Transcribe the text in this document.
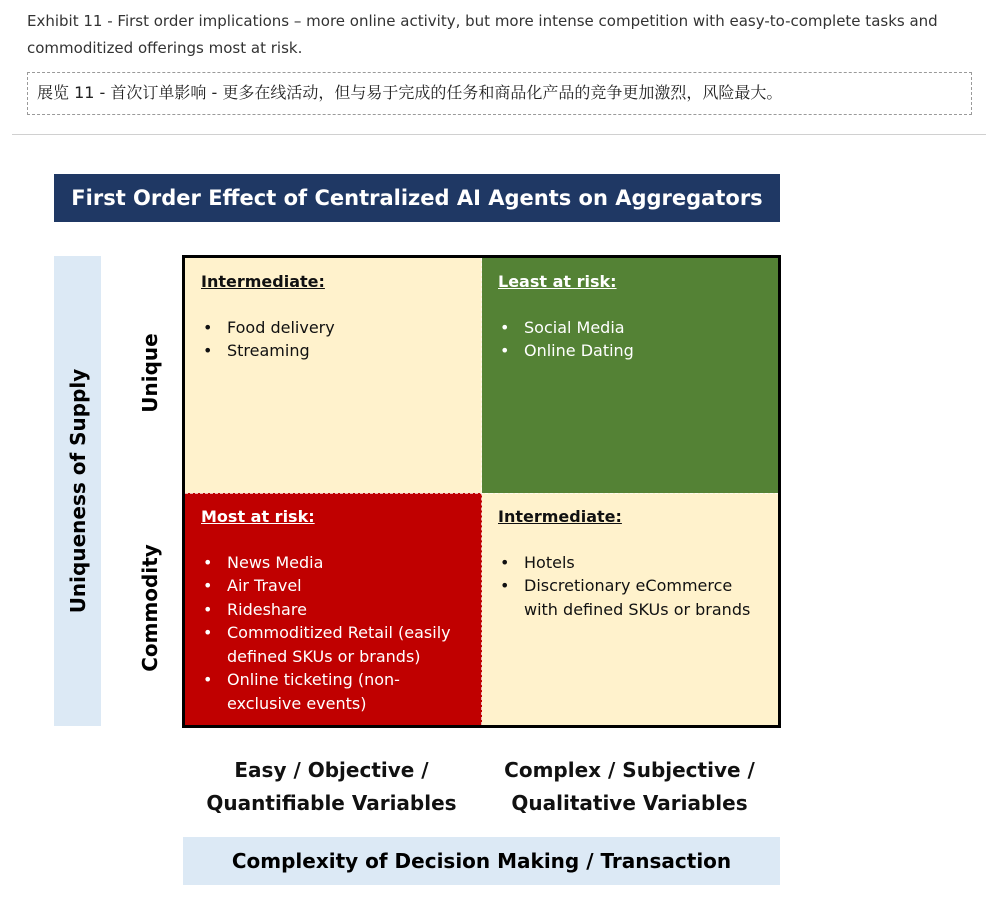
Exhibit 11 - First order implications – more online activity, but more intense competition with easy-to-complete tasks and
commoditized offerings most at risk.
展览 11 - 首次订单影响 - 更多在线活动，但与易于完成的任务和商品化产品的竞争更加激烈，风险最大。
First Order Effect of Centralized AI Agents on Aggregators
Uniqueness of Supply Unique
Commodity
Intermediate:
• Food delivery
• Streaming
Least at risk:
• Social Media
• Online Dating
Most at risk:
• News Media
• Air Travel
• Rideshare
• Commoditized Retail (easily defined SKUs or brands)
• Online ticketing (non-exclusive events)
Intermediate:
• Hotels
• Discretionary eCommerce with defined SKUs or brands
Easy / Objective /
Quantifiable Variables
Complex / Subjective /
Qualitative Variables
Complexity of Decision Making / Transaction
